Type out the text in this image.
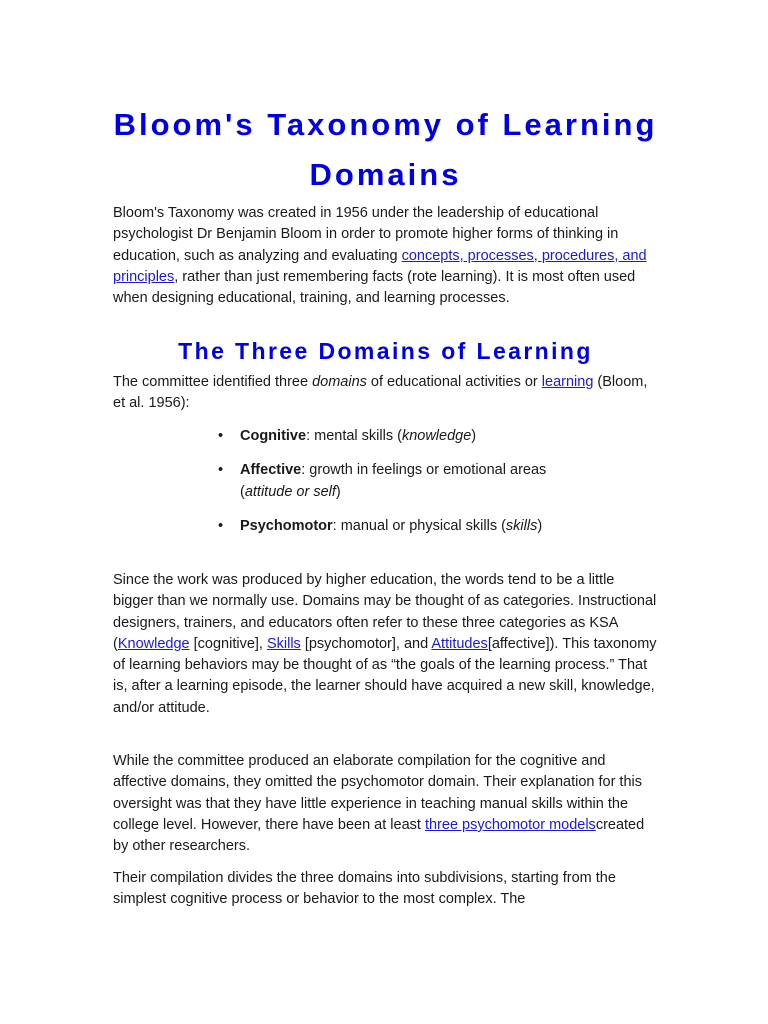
Bloom's Taxonomy of Learning Domains

Bloom's Taxonomy was created in 1956 under the leadership of educational psychologist Dr Benjamin Bloom in order to promote higher forms of thinking in education, such as analyzing and evaluating concepts, processes, procedures, and principles, rather than just remembering facts (rote learning). It is most often used when designing educational, training, and learning processes.

The Three Domains of Learning

The committee identified three domains of educational activities or learning (Bloom, et al. 1956):

Since the work was produced by higher education, the words tend to be a little bigger than we normally use. Domains may be thought of as categories. Instructional designers, trainers, and educators often refer to these three categories as KSA (Knowledge [cognitive], Skills [psychomotor], and Attitudes[affective]). This taxonomy of learning behaviors may be thought of as “the goals of the learning process.” That is, after a learning episode, the learner should have acquired a new skill, knowledge, and/or attitude.

While the committee produced an elaborate compilation for the cognitive and affective domains, they omitted the psychomotor domain. Their explanation for this oversight was that they have little experience in teaching manual skills within the college level. However, there have been at least three psychomotor modelscreated by other researchers.

Their compilation divides the three domains into subdivisions, starting from the simplest cognitive process or behavior to the most complex. The

• Cognitive: mental skills (knowledge)
• Affective: growth in feelings or emotional areas (attitude or self)
• Psychomotor: manual or physical skills (skills)
